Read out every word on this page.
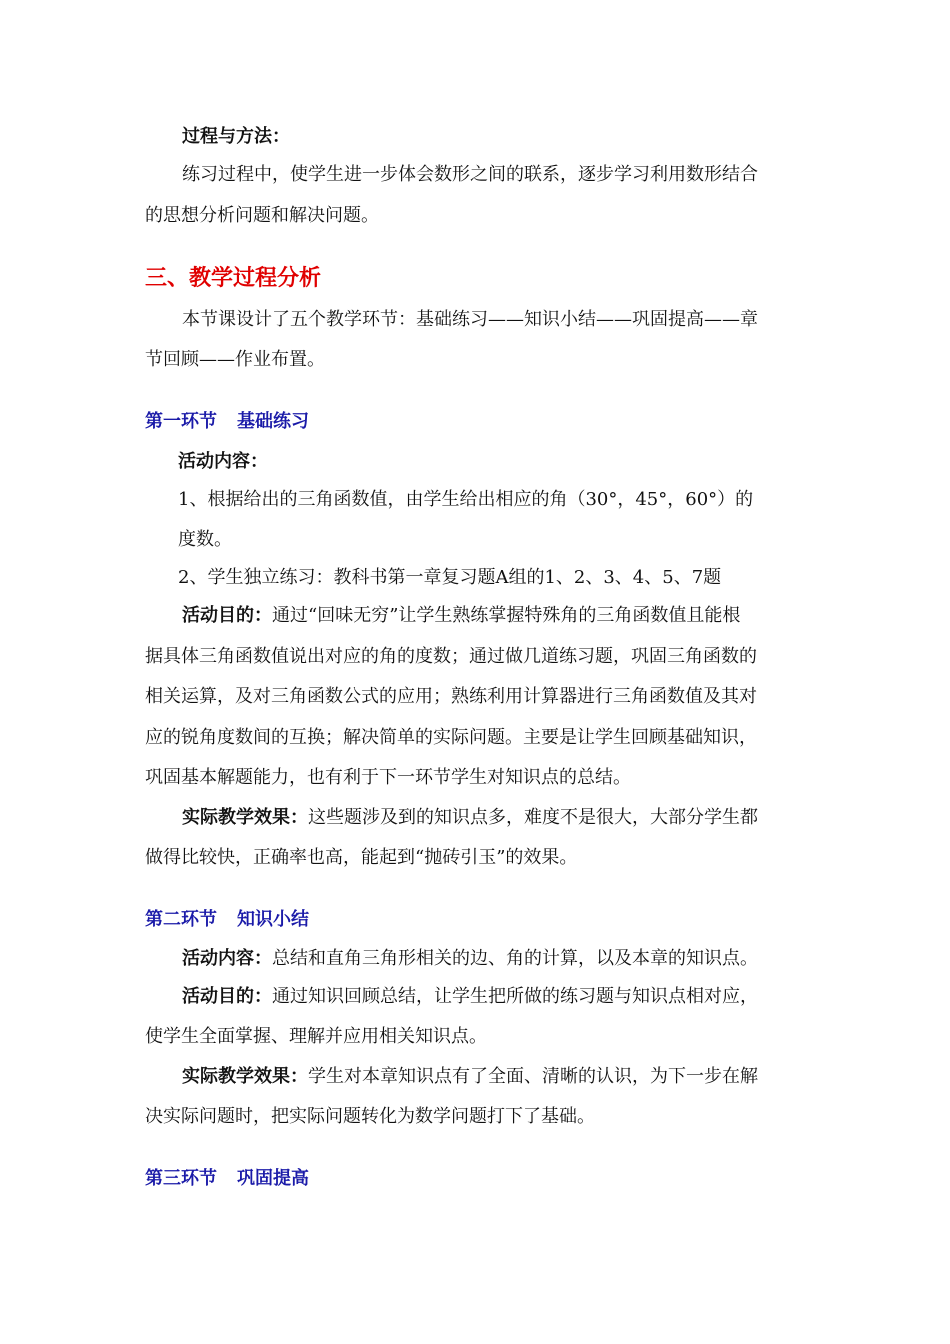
过程与方法：

练习过程中，使学生进一步体会数形之间的联系，逐步学习利用数形结合

的思想分析问题和解决问题。

三、教学过程分析

本节课设计了五个教学环节：基础练习——知识小结——巩固提高——章

节回顾——作业布置。

第一环节 基础练习

活动内容：

1、根据给出的三角函数值，由学生给出相应的角（30°，45°，60°）的

度数。

2、学生独立练习：教科书第一章复习题A组的1、2、3、4、5、7题

活动目的：通过“回味无穷”让学生熟练掌握特殊角的三角函数值且能根

据具体三角函数值说出对应的角的度数；通过做几道练习题，巩固三角函数的

相关运算，及对三角函数公式的应用；熟练利用计算器进行三角函数值及其对

应的锐角度数间的互换；解决简单的实际问题。主要是让学生回顾基础知识，

巩固基本解题能力，也有利于下一环节学生对知识点的总结。

实际教学效果：这些题涉及到的知识点多，难度不是很大，大部分学生都

做得比较快，正确率也高，能起到“抛砖引玉”的效果。

第二环节 知识小结

活动内容：总结和直角三角形相关的边、角的计算，以及本章的知识点。

活动目的：通过知识回顾总结，让学生把所做的练习题与知识点相对应，

使学生全面掌握、理解并应用相关知识点。

实际教学效果：学生对本章知识点有了全面、清晰的认识，为下一步在解

决实际问题时，把实际问题转化为数学问题打下了基础。

第三环节 巩固提高
